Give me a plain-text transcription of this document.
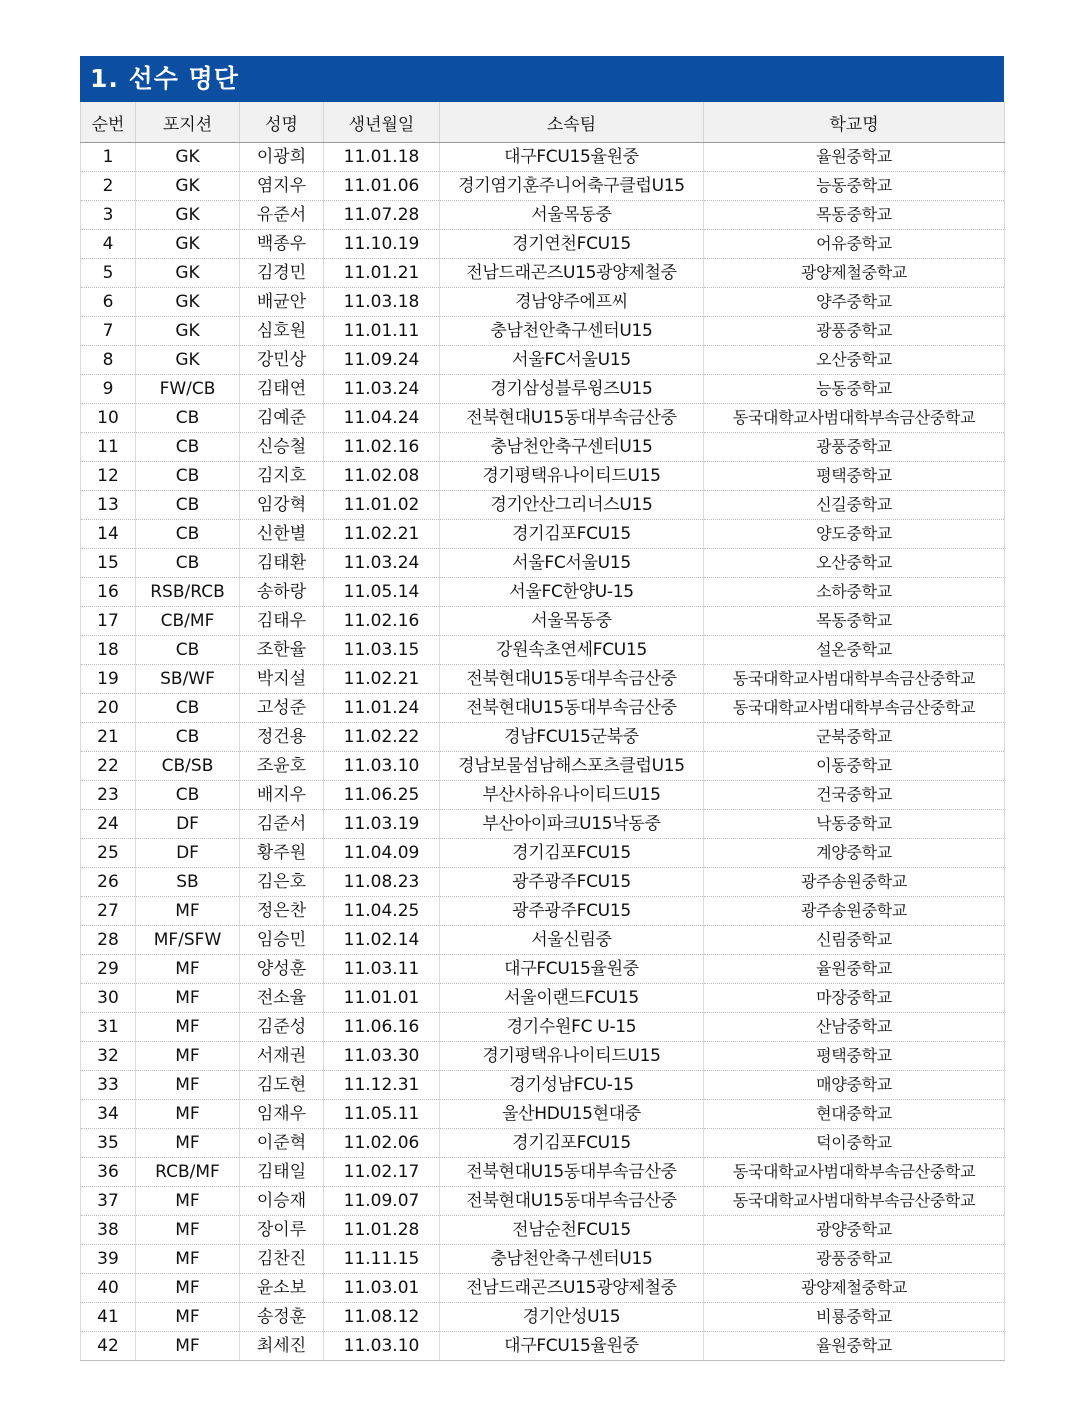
1. 선수 명단
순번	포지션	성명	생년월일	소속팀	학교명
1	GK	이광희	11.01.18	대구FCU15율원중	율원중학교
2	GK	염지우	11.01.06	경기염기훈주니어축구클럽U15	능동중학교
3	GK	유준서	11.07.28	서울목동중	목동중학교
4	GK	백종우	11.10.19	경기연천FCU15	어유중학교
5	GK	김경민	11.01.21	전남드래곤즈U15광양제철중	광양제철중학교
6	GK	배균안	11.03.18	경남양주에프씨	양주중학교
7	GK	심호원	11.01.11	충남천안축구센터U15	광풍중학교
8	GK	강민상	11.09.24	서울FC서울U15	오산중학교
9	FW/CB	김태연	11.03.24	경기삼성블루윙즈U15	능동중학교
10	CB	김예준	11.04.24	전북현대U15동대부속금산중	동국대학교사범대학부속금산중학교
11	CB	신승철	11.02.16	충남천안축구센터U15	광풍중학교
12	CB	김지호	11.02.08	경기평택유나이티드U15	평택중학교
13	CB	임강혁	11.01.02	경기안산그리너스U15	신길중학교
14	CB	신한별	11.02.21	경기김포FCU15	양도중학교
15	CB	김태환	11.03.24	서울FC서울U15	오산중학교
16	RSB/RCB	송하랑	11.05.14	서울FC한양U-15	소하중학교
17	CB/MF	김태우	11.02.16	서울목동중	목동중학교
18	CB	조한율	11.03.15	강원속초연세FCU15	설온중학교
19	SB/WF	박지설	11.02.21	전북현대U15동대부속금산중	동국대학교사범대학부속금산중학교
20	CB	고성준	11.01.24	전북현대U15동대부속금산중	동국대학교사범대학부속금산중학교
21	CB	정건용	11.02.22	경남FCU15군북중	군북중학교
22	CB/SB	조윤호	11.03.10	경남보물섬남해스포츠클럽U15	이동중학교
23	CB	배지우	11.06.25	부산사하유나이티드U15	건국중학교
24	DF	김준서	11.03.19	부산아이파크U15낙동중	낙동중학교
25	DF	황주원	11.04.09	경기김포FCU15	계양중학교
26	SB	김은호	11.08.23	광주광주FCU15	광주송원중학교
27	MF	정은찬	11.04.25	광주광주FCU15	광주송원중학교
28	MF/SFW	임승민	11.02.14	서울신림중	신림중학교
29	MF	양성훈	11.03.11	대구FCU15율원중	율원중학교
30	MF	전소율	11.01.01	서울이랜드FCU15	마장중학교
31	MF	김준성	11.06.16	경기수원FC U-15	산남중학교
32	MF	서재권	11.03.30	경기평택유나이티드U15	평택중학교
33	MF	김도현	11.12.31	경기성남FCU-15	매양중학교
34	MF	임재우	11.05.11	울산HDU15현대중	현대중학교
35	MF	이준혁	11.02.06	경기김포FCU15	덕이중학교
36	RCB/MF	김태일	11.02.17	전북현대U15동대부속금산중	동국대학교사범대학부속금산중학교
37	MF	이승재	11.09.07	전북현대U15동대부속금산중	동국대학교사범대학부속금산중학교
38	MF	장이루	11.01.28	전남순천FCU15	광양중학교
39	MF	김찬진	11.11.15	충남천안축구센터U15	광풍중학교
40	MF	윤소보	11.03.01	전남드래곤즈U15광양제철중	광양제철중학교
41	MF	송정훈	11.08.12	경기안성U15	비룡중학교
42	MF	최세진	11.03.10	대구FCU15율원중	율원중학교
